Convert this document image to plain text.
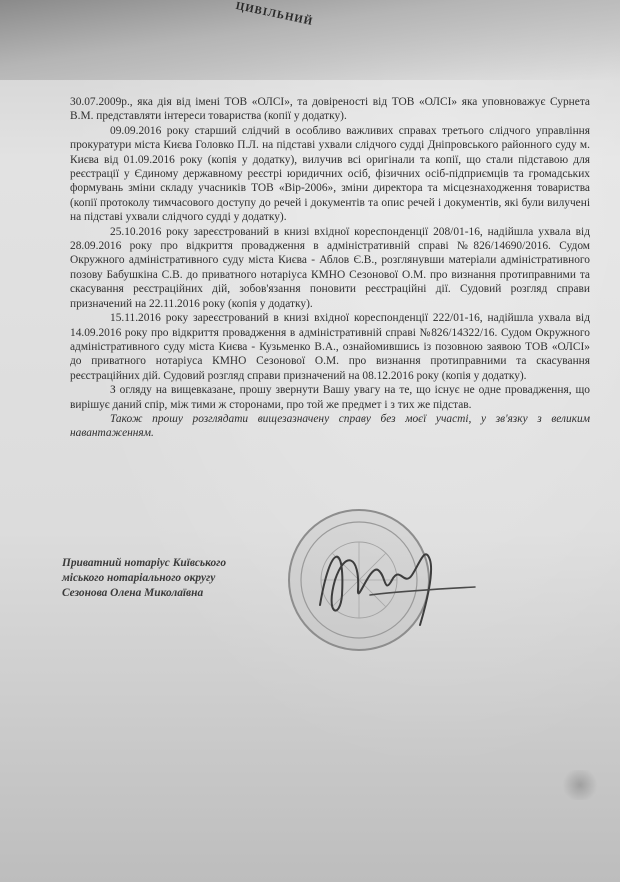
ЦИВІЛЬНИЙ

30.07.2009р., яка дія від імені ТОВ «ОЛСІ», та довіреності від ТОВ «ОЛСІ» яка уповноважує Сурнета В.М. представляти інтереси товариства (копії у додатку).

09.09.2016 року старший слідчий в особливо важливих справах третього слідчого управління прокуратури міста Києва Головко П.Л. на підставі ухвали слідчого судді Дніпровського районного суду м. Києва від 01.09.2016 року (копія у додатку), вилучив всі оригінали та копії, що стали підставою для реєстрації у Єдиному державному реєстрі юридичних осіб, фізичних осіб-підприємців та громадських формувань зміни складу учасників ТОВ «Вір-2006», зміни директора та місцезнаходження товариства (копії протоколу тимчасового доступу до речей і документів та опис речей і документів, які були вилучені на підставі ухвали слідчого судді у додатку).

25.10.2016 року зареєстрований в книзі вхідної кореспонденції 208/01-16, надійшла ухвала від 28.09.2016 року про відкриття провадження в адміністративній справі №826/14690/2016. Судом Окружного адміністративного суду міста Києва - Аблов Є.В., розглянувши матеріали адміністративного позову Бабушкіна С.В. до приватного нотаріуса КМНО Сезонової О.М. про визнання протиправними та скасування реєстраційних дій, зобов'язання поновити реєстраційні дії. Судовий розгляд справи призначений на 22.11.2016 року (копія у додатку).

15.11.2016 року зареєстрований в книзі вхідної кореспонденції 222/01-16, надійшла ухвала від 14.09.2016 року про відкриття провадження в адміністративній справі №826/14322/16. Судом Окружного адміністративного суду міста Києва - Кузьменко В.А., ознайомившись із позовною заявою ТОВ «ОЛСІ» до приватного нотаріуса КМНО Сезонової О.М. про визнання протиправними та скасування реєстраційних дій. Судовий розгляд справи призначений на 08.12.2016 року (копія у додатку).

З огляду на вищевказане, прошу звернути Вашу увагу на те, що існує не одне провадження, що вирішує даний спір, між тими ж сторонами, про той же предмет і з тих же підстав.

Також прошу розглядати вищезазначену справу без моєї участі, у зв'язку з великим навантаженням.

Приватний нотаріус Київського
міського нотаріального округу
Сезонова Олена Миколаївна
